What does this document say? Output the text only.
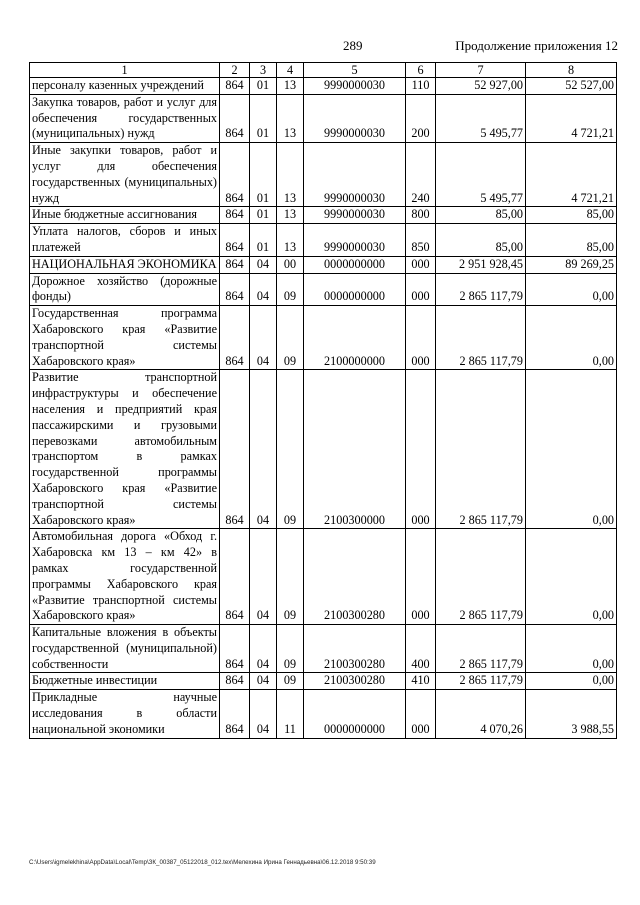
289	Продолжение приложения 12
1	2	3	4	5	6	7	8
персоналу казенных учреждений	864	01	13	9990000030	110	52 927,00	52 527,00
Закупка товаров, работ и услуг для обеспечения государственных (муниципальных) нужд	864	01	13	9990000030	200	5 495,77	4 721,21
Иные закупки товаров, работ и услуг для обеспечения государственных (муниципальных) нужд	864	01	13	9990000030	240	5 495,77	4 721,21
Иные бюджетные ассигнования	864	01	13	9990000030	800	85,00	85,00
Уплата налогов, сборов и иных платежей	864	01	13	9990000030	850	85,00	85,00
НАЦИОНАЛЬНАЯ ЭКОНОМИКА	864	04	00	0000000000	000	2 951 928,45	89 269,25
Дорожное хозяйство (дорожные фонды)	864	04	09	0000000000	000	2 865 117,79	0,00
Государственная программа Хабаровского края «Развитие транспортной системы Хабаровского края»	864	04	09	2100000000	000	2 865 117,79	0,00
Развитие транспортной инфраструктуры и обеспечение населения и предприятий края пассажирскими и грузовыми перевозками автомобильным транспортом в рамках государственной программы Хабаровского края «Развитие транспортной системы Хабаровского края»	864	04	09	2100300000	000	2 865 117,79	0,00
Автомобильная дорога «Обход г. Хабаровска км 13 – км 42» в рамках государственной программы Хабаровского края «Развитие транспортной системы Хабаровского края»	864	04	09	2100300280	000	2 865 117,79	0,00
Капитальные вложения в объекты государственной (муниципальной) собственности	864	04	09	2100300280	400	2 865 117,79	0,00
Бюджетные инвестиции	864	04	09	2100300280	410	2 865 117,79	0,00
Прикладные научные исследования в области национальной экономики	864	04	11	0000000000	000	4 070,26	3 988,55
C:\Users\igmelekhina\AppData\Local\Temp\ЗК_00387_05122018_012.tex\Мелехина Ирина Геннадьевна\06.12.2018 9:50:39
